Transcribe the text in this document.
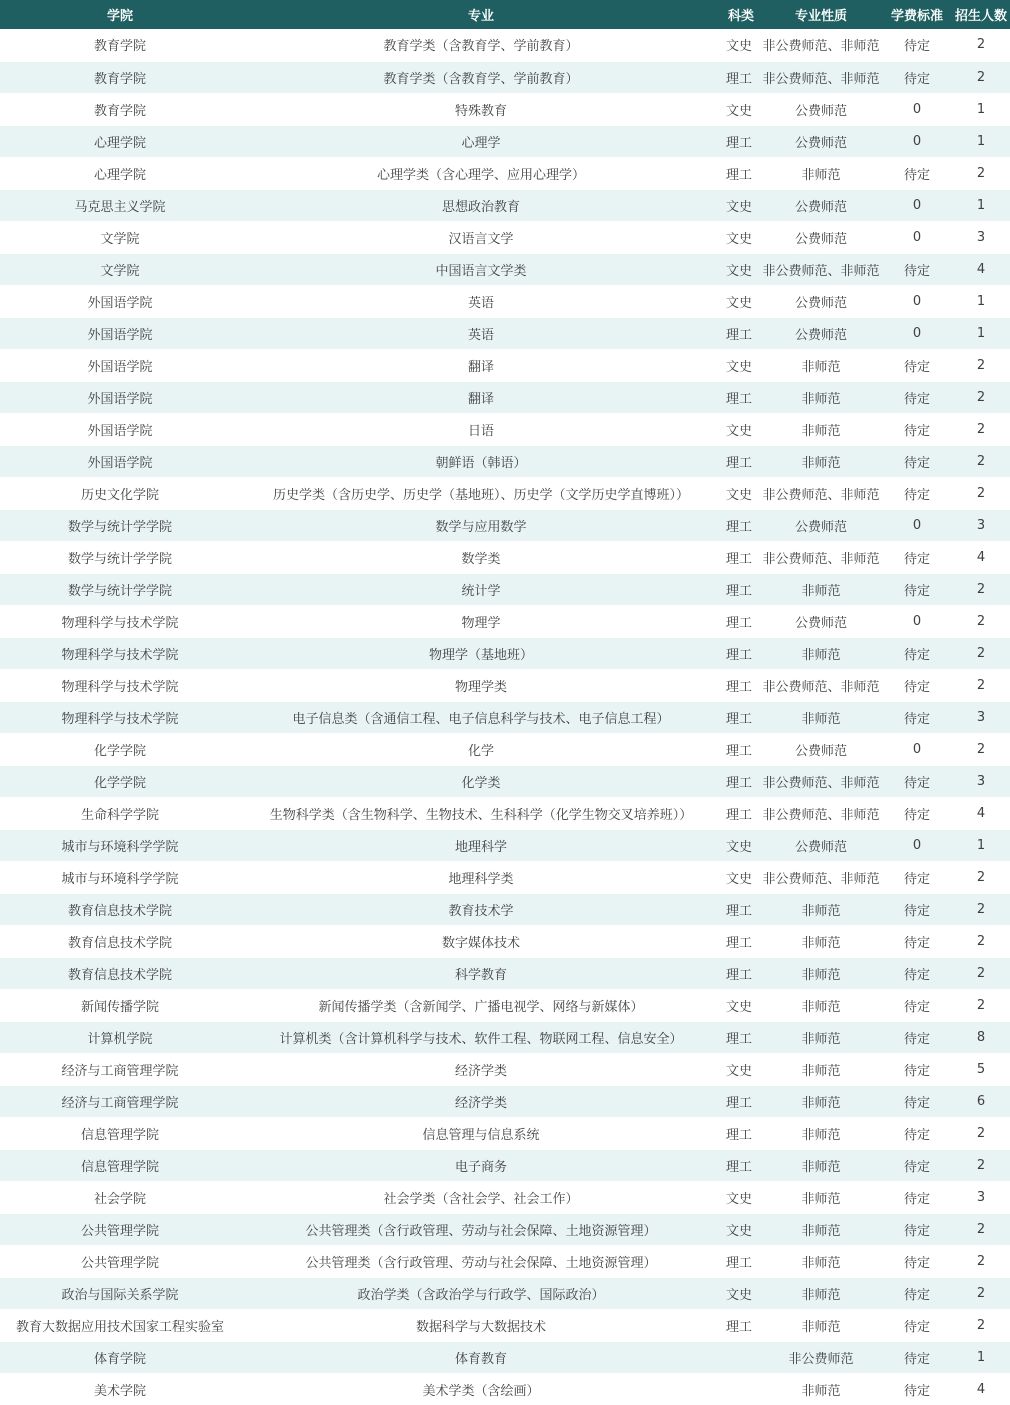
学院	专业	科类	专业性质	学费标准	招生人数
教育学院	教育学类（含教育学、学前教育）	文史	非公费师范、非师范	待定	2
教育学院	教育学类（含教育学、学前教育）	理工	非公费师范、非师范	待定	2
教育学院	特殊教育	文史	公费师范	0	1
心理学院	心理学	理工	公费师范	0	1
心理学院	心理学类（含心理学、应用心理学）	理工	非师范	待定	2
马克思主义学院	思想政治教育	文史	公费师范	0	1
文学院	汉语言文学	文史	公费师范	0	3
文学院	中国语言文学类	文史	非公费师范、非师范	待定	4
外国语学院	英语	文史	公费师范	0	1
外国语学院	英语	理工	公费师范	0	1
外国语学院	翻译	文史	非师范	待定	2
外国语学院	翻译	理工	非师范	待定	2
外国语学院	日语	文史	非师范	待定	2
外国语学院	朝鲜语（韩语）	理工	非师范	待定	2
历史文化学院	历史学类（含历史学、历史学（基地班）、历史学（文学历史学直博班））	文史	非公费师范、非师范	待定	2
数学与统计学学院	数学与应用数学	理工	公费师范	0	3
数学与统计学学院	数学类	理工	非公费师范、非师范	待定	4
数学与统计学学院	统计学	理工	非师范	待定	2
物理科学与技术学院	物理学	理工	公费师范	0	2
物理科学与技术学院	物理学（基地班）	理工	非师范	待定	2
物理科学与技术学院	物理学类	理工	非公费师范、非师范	待定	2
物理科学与技术学院	电子信息类（含通信工程、电子信息科学与技术、电子信息工程）	理工	非师范	待定	3
化学学院	化学	理工	公费师范	0	2
化学学院	化学类	理工	非公费师范、非师范	待定	3
生命科学学院	生物科学类（含生物科学、生物技术、生科科学（化学生物交叉培养班））	理工	非公费师范、非师范	待定	4
城市与环境科学学院	地理科学	文史	公费师范	0	1
城市与环境科学学院	地理科学类	文史	非公费师范、非师范	待定	2
教育信息技术学院	教育技术学	理工	非师范	待定	2
教育信息技术学院	数字媒体技术	理工	非师范	待定	2
教育信息技术学院	科学教育	理工	非师范	待定	2
新闻传播学院	新闻传播学类（含新闻学、广播电视学、网络与新媒体）	文史	非师范	待定	2
计算机学院	计算机类（含计算机科学与技术、软件工程、物联网工程、信息安全）	理工	非师范	待定	8
经济与工商管理学院	经济学类	文史	非师范	待定	5
经济与工商管理学院	经济学类	理工	非师范	待定	6
信息管理学院	信息管理与信息系统	理工	非师范	待定	2
信息管理学院	电子商务	理工	非师范	待定	2
社会学院	社会学类（含社会学、社会工作）	文史	非师范	待定	3
公共管理学院	公共管理类（含行政管理、劳动与社会保障、土地资源管理）	文史	非师范	待定	2
公共管理学院	公共管理类（含行政管理、劳动与社会保障、土地资源管理）	理工	非师范	待定	2
政治与国际关系学院	政治学类（含政治学与行政学、国际政治）	文史	非师范	待定	2
教育大数据应用技术国家工程实验室	数据科学与大数据技术	理工	非师范	待定	2
体育学院	体育教育		非公费师范	待定	1
美术学院	美术学类（含绘画）		非师范	待定	4
